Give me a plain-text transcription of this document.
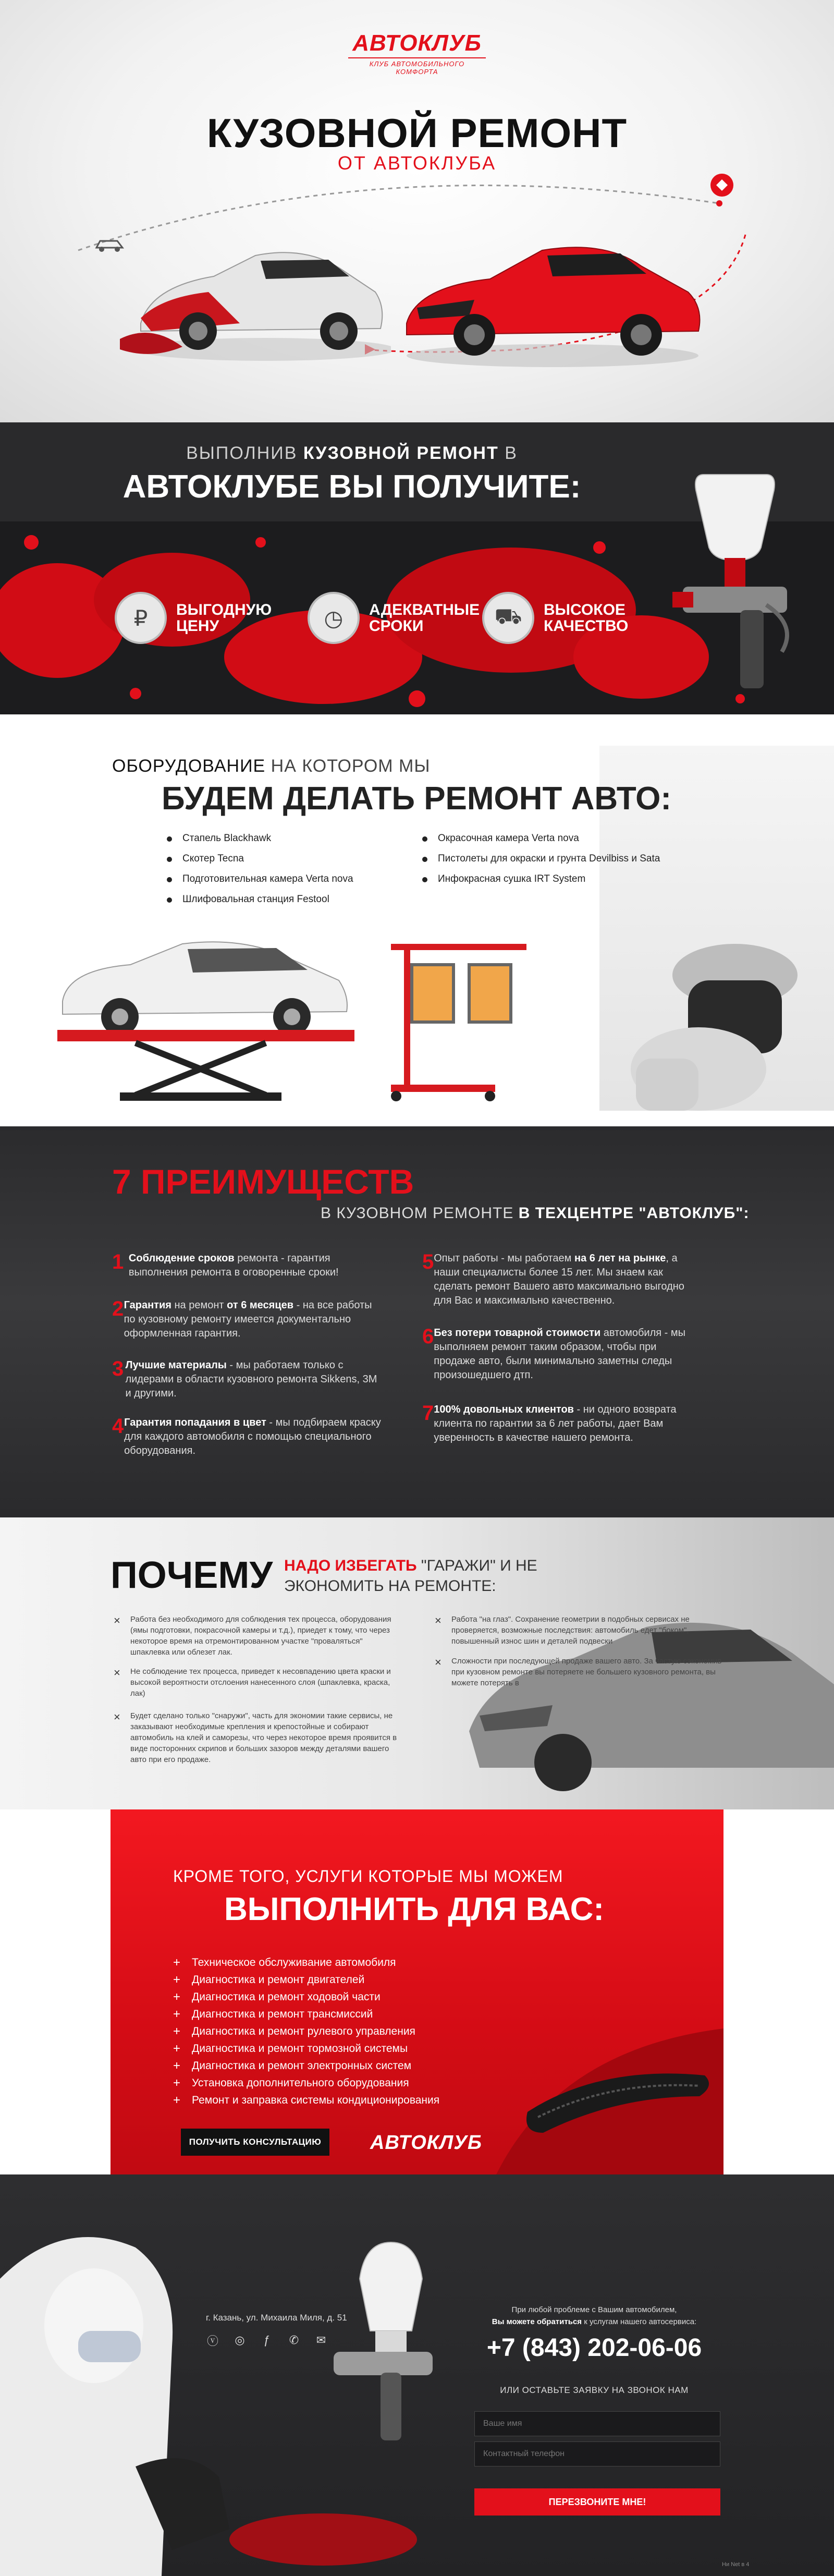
АВТОКЛУБ
КЛУБ АВТОМОБИЛЬНОГО КОМФОРТА
КУЗОВНОЙ РЕМОНТ
ОТ АВТОКЛУБА
ВЫПОЛНИВ КУЗОВНОЙ РЕМОНТ В
АВТОКЛУБЕ ВЫ ПОЛУЧИТЕ:
₽	ВЫГОДНУЮ ЦЕНУ	◷	АДЕКВАТНЫЕ СРОКИ	⛟	ВЫСОКОЕ КАЧЕСТВО
ОБОРУДОВАНИЕ НА КОТОРОМ МЫ
БУДЕМ ДЕЛАТЬ РЕМОНТ АВТО:
Стапель Blackhawk
Скотер Tecna
Подготовительная камера Verta nova
Шлифовальная станция Festool
Окрасочная камера Verta nova
Пистолеты для окраски и грунта Devilbiss и Sata
Инфокрасная сушка IRT System
7 ПРЕИМУЩЕСТВ
В КУЗОВНОМ РЕМОНТЕ В ТЕХЦЕНТРЕ "АВТОКЛУБ":
1 Соблюдение сроков ремонта - гарантия выполнения ремонта в оговоренные сроки!
2 Гарантия на ремонт от 6 месяцев - на все работы по кузовному ремонту имеется документально оформленная гарантия.
3 Лучшие материалы - мы работаем только с лидерами в области кузовного ремонта Sikkens, 3M и другими.
4 Гарантия попадания в цвет - мы подбираем краску для каждого автомобиля с помощью специального оборудования.
5 Опыт работы - мы работаем на 6 лет на рынке, а наши специалисты более 15 лет. Мы знаем как сделать ремонт Вашего авто максимально выгодно для Вас и максимально качественно.
6 Без потери товарной стоимости автомобиля - мы выполняем ремонт таким образом, чтобы при продаже авто, были минимально заметны следы произошедшего дтп.
7 100% довольных клиентов - ни одного возврата клиента по гарантии за 6 лет работы, дает Вам уверенность в качестве нашего ремонта.
ПОЧЕМУ НАДО ИЗБЕГАТЬ "ГАРАЖИ" И НЕ
ЭКОНОМИТЬ НА РЕМОНТЕ:
× Работа без необходимого для соблюдения тех процесса, оборудования (ямы подготовки, покрасочной камеры и т.д.), приедет к тому, что через некоторое время на отремонтированном участке "проваляться" шпаклевка или облезет лак.
× Не соблюдение тех процесса, приведет к несовпадению цвета краски и высокой вероятности отслоения нанесенного слоя (шпаклевка, краска, лак)
× Будет сделано только "снаружи", часть для экономии такие сервисы, не заказывают необходимые крепления и крепостойные и собирают автомобиль на клей и саморезы, что через некоторое время проявится в виде посторонних скрипов и больших зазоров между деталями вашего авто при его продаже.
× Работа "на глаз". Сохранение геометрии в подобных сервисах не проверяется, возможные последствия: автомобиль едет "боком", повышенный износ шин и деталей подвески
× Сложности при последующей продаже вашего авто. За частую сэкономив при кузовном ремонте вы потеряете не большего кузовного ремонта, вы можете потерять в
КРОМЕ ТОГО, УСЛУГИ КОТОРЫЕ МЫ МОЖЕМ
ВЫПОЛНИТЬ ДЛЯ ВАС:
+ Техническое обслуживание автомобиля
+ Диагностика и ремонт двигателей
+ Диагностика и ремонт ходовой части
+ Диагностика и ремонт трансмиссий
+ Диагностика и ремонт рулевого управления
+ Диагностика и ремонт тормозной системы
+ Диагностика и ремонт электронных систем
+ Установка дополнительного оборудования
+ Ремонт и заправка системы кондиционирования
ПОЛУЧИТЬ КОНСУЛЬТАЦИЮ	АВТОКЛУБ
г. Казань, ул. Михаила Миля, д. 51
ⓥ ◎	ƒ	✆ ✉
При любой проблеме с Вашим автомобилем,
Вы можете обратиться к услугам нашего автосервиса:
+7 (843) 202-06-06
ИЛИ ОСТАВЬТЕ ЗАЯВКУ НА ЗВОНОК НАМ
Ваше имя
Контактный телефон
ПЕРЕЗВОНИТЕ МНЕ!
Ни Net в 4
